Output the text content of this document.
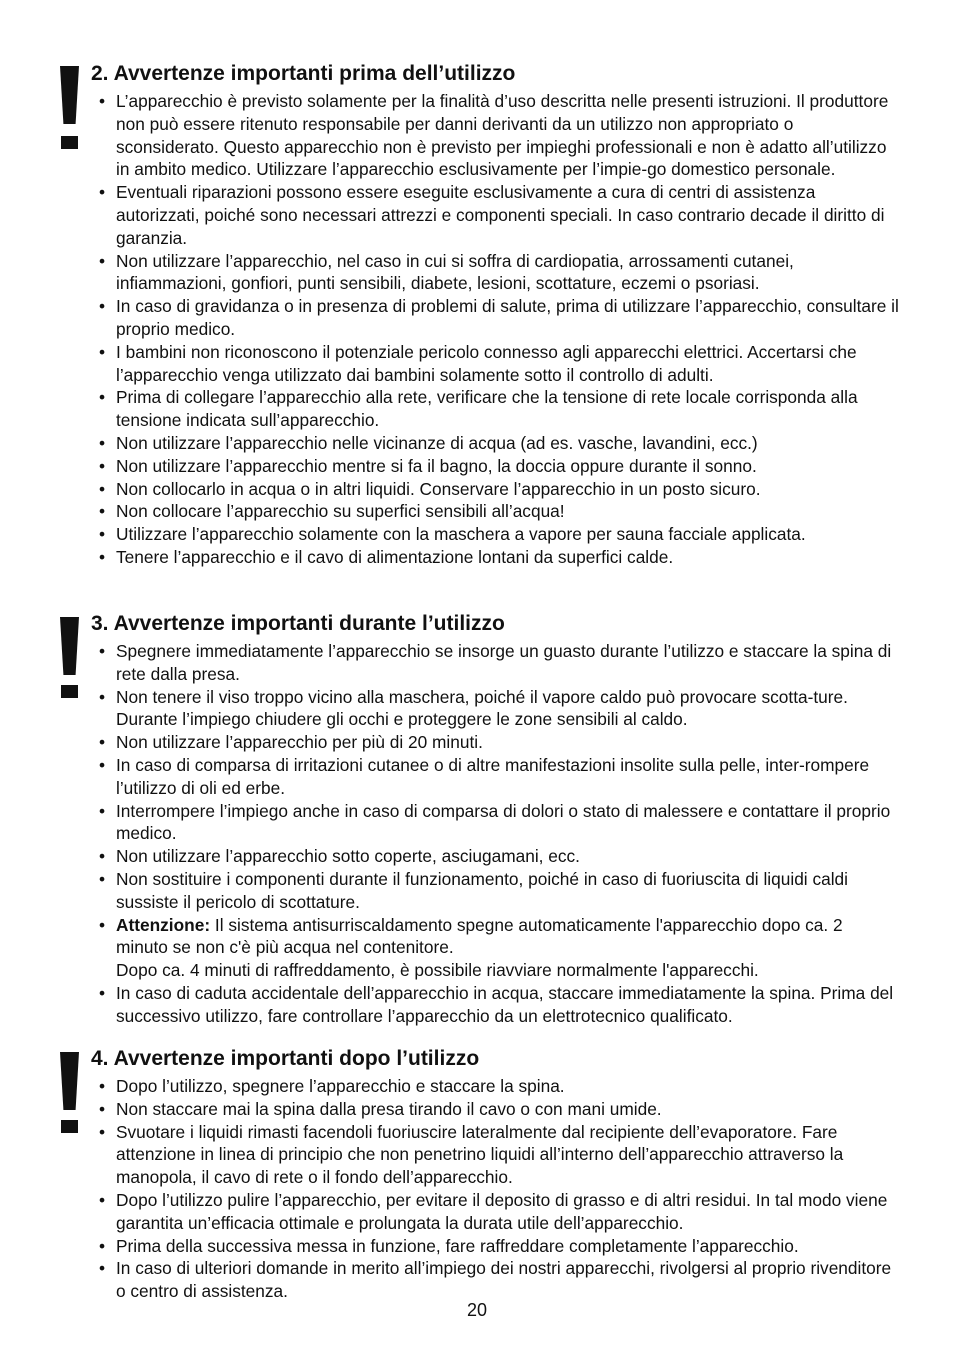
2. Avvertenze importanti prima dell’utilizzo
• L’apparecchio è previsto solamente per la finalità d’uso descritta nelle presenti istruzioni. Il produttore non può essere ritenuto responsabile per danni derivanti da un utilizzo non appropriato o sconsiderato. Questo apparecchio non è previsto per impieghi professionali e non è adatto all’utilizzo in ambito medico. Utilizzare l’apparecchio esclusivamente per l’impie-go domestico personale.
• Eventuali riparazioni possono essere eseguite esclusivamente a cura di centri di assistenza autorizzati, poiché sono necessari attrezzi e componenti speciali. In caso contrario decade il diritto di garanzia.
• Non utilizzare l’apparecchio, nel caso in cui si soffra di cardiopatia, arrossamenti cutanei, infiammazioni, gonfiori, punti sensibili, diabete, lesioni, scottature, eczemi o psoriasi.
• In caso di gravidanza o in presenza di problemi di salute, prima di utilizzare l’apparecchio, consultare il proprio medico.
• I bambini non riconoscono il potenziale pericolo connesso agli apparecchi elettrici. Accertarsi che l’apparecchio venga utilizzato dai bambini solamente sotto il controllo di adulti.
• Prima di collegare l’apparecchio alla rete, verificare che la tensione di rete locale corrisponda alla tensione indicata sull’apparecchio.
• Non utilizzare l’apparecchio nelle vicinanze di acqua (ad es. vasche, lavandini, ecc.)
• Non utilizzare l’apparecchio mentre si fa il bagno, la doccia oppure durante il sonno.
• Non collocarlo in acqua o in altri liquidi. Conservare l’apparecchio in un posto sicuro.
• Non collocare l’apparecchio su superfici sensibili all’acqua!
• Utilizzare l’apparecchio solamente con la maschera a vapore per sauna facciale applicata.
• Tenere l’apparecchio e il cavo di alimentazione lontani da superfici calde.
3. Avvertenze importanti durante l’utilizzo
• Spegnere immediatamente l’apparecchio se insorge un guasto durante l’utilizzo e staccare la spina di rete dalla presa.
• Non tenere il viso troppo vicino alla maschera, poiché il vapore caldo può provocare scotta-ture. Durante l’impiego chiudere gli occhi e proteggere le zone sensibili al caldo.
• Non utilizzare l’apparecchio per più di 20 minuti.
• In caso di comparsa di irritazioni cutanee o di altre manifestazioni insolite sulla pelle, inter-rompere l’utilizzo di oli ed erbe.
• Interrompere l’impiego anche in caso di comparsa di dolori o stato di malessere e contattare il proprio medico.
• Non utilizzare l’apparecchio sotto coperte, asciugamani, ecc.
• Non sostituire i componenti durante il funzionamento, poiché in caso di fuoriuscita di liquidi caldi sussiste il pericolo di scottature.
• Attenzione: Il sistema antisurriscaldamento spegne automaticamente l'apparecchio dopo ca. 2 minuto se non c'è più acqua nel contenitore.
Dopo ca. 4 minuti di raffreddamento, è possibile riavviare normalmente l'apparecchi.
• In caso di caduta accidentale dell’apparecchio in acqua, staccare immediatamente la spina. Prima del successivo utilizzo, fare controllare l’apparecchio da un elettrotecnico qualificato.
4. Avvertenze importanti dopo l’utilizzo
• Dopo l’utilizzo, spegnere l’apparecchio e staccare la spina.
• Non staccare mai la spina dalla presa tirando il cavo o con mani umide.
• Svuotare i liquidi rimasti facendoli fuoriuscire lateralmente dal recipiente dell’evaporatore. Fare attenzione in linea di principio che non penetrino liquidi all’interno dell’apparecchio attraverso la manopola, il cavo di rete o il fondo dell’apparecchio.
• Dopo l’utilizzo pulire l’apparecchio, per evitare il deposito di grasso e di altri residui. In tal modo viene garantita un’efficacia ottimale e prolungata la durata utile dell’apparecchio.
• Prima della successiva messa in funzione, fare raffreddare completamente l’apparecchio.
• In caso di ulteriori domande in merito all’impiego dei nostri apparecchi, rivolgersi al proprio rivenditore o centro di assistenza.
20
